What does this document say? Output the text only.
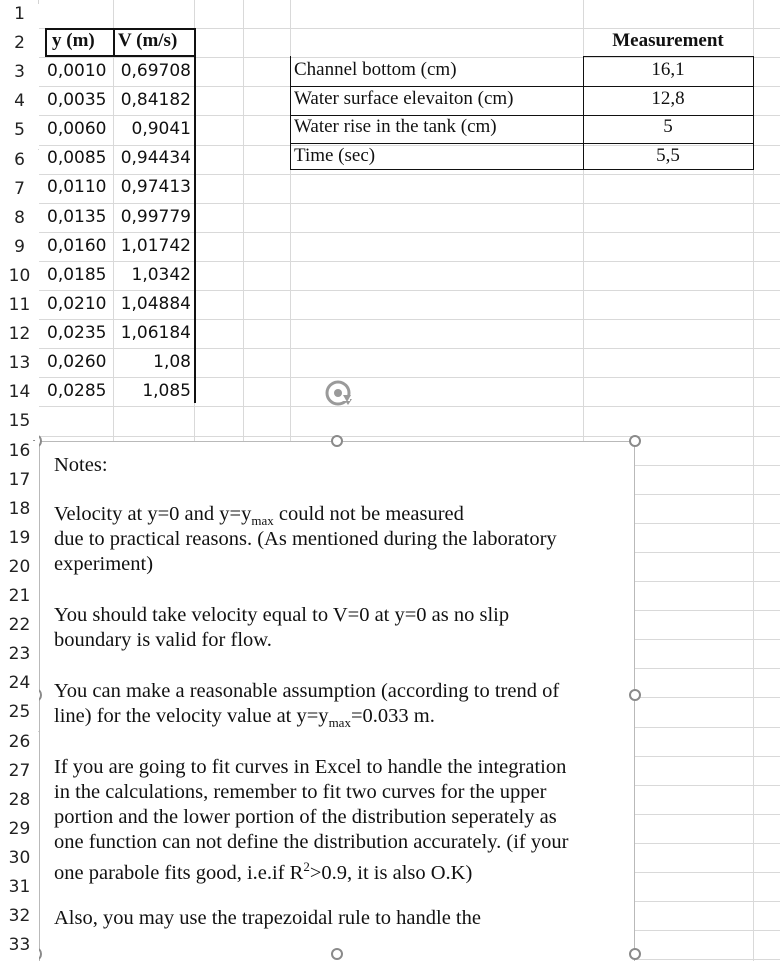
y (m) V (m/s)
0,0010 0,69708
0,0035 0,84182
0,0060	0,9041
0,0085 0,94434
0,0110 0,97413
0,0135 0,99779
0,0160 1,01742
0,0185	1,0342
0,0210 1,04884
0,0235 1,06184
0,0260	1,08
0,0285	1,085
Measurement
Channel bottom (cm)	16,1
Water surface elevaiton (cm)	12,8
Water rise in the tank (cm)	5
Time (sec)	5,5
Notes:
Velocity at y=0 and $y=y_{max}$ could not be measured
due to practical reasons. (As mentioned during the laboratory
experiment)
You should take velocity equal to V=0 at y=0 as no slip
boundary is valid for flow.
You can make a reasonable assumption (according to trend of
line) for the velocity value at $y=y_{max}=0.033$ m.
If you are going to fit curves in Excel to handle the integration
in the calculations, remember to fit two curves for the upper
portion and the lower portion of the distribution seperately as
one function can not define the distribution accurately. (if your
one parabole fits good, i.e.if $R^2>0.9$, it is also O.K)
Also, you may use the trapezoidal rule to handle the
1
2
3
4
5
6
7
8
9
10
11
12
13
14
15
16
17
18
19
20
21
22
23
24
25
26
27
28
29
30
31
32
33
